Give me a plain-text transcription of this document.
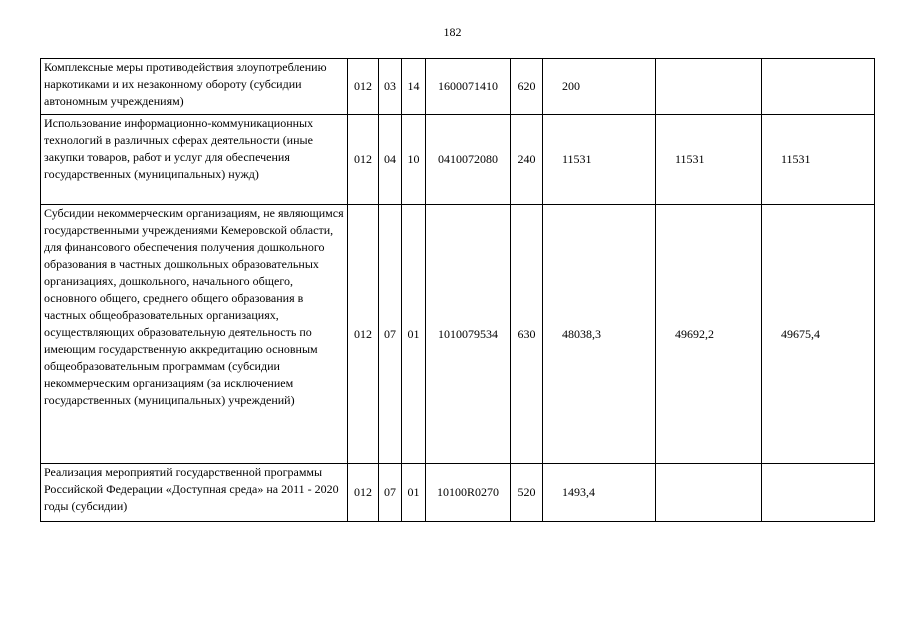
182
Комплексные меры противодействия злоупотреблению наркотиками и их незаконному обороту (субсидии автономным учреждениям)	012	03	14	1600071410	620	200		
Использование информационно-коммуникационных технологий в различных сферах деятельности (иные закупки товаров, работ и услуг для обеспечения государственных (муниципальных) нужд)	012	04	10	0410072080	240	11531	11531	11531
Субсидии некоммерческим организациям, не являющимся государственными учреждениями Кемеровской области, для финансового обеспечения получения дошкольного образования в частных дошкольных образовательных организациях, дошкольного, начального общего, основного общего, среднего общего образования в частных общеобразовательных организациях, осуществляющих образовательную деятельность по имеющим государственную аккредитацию основным общеобразовательным программам (субсидии некоммерческим организациям (за исключением государственных (муниципальных) учреждений)	012	07	01	1010079534	630	48038,3	49692,2	49675,4
Реализация мероприятий государственной программы Российской Федерации «Доступная среда» на 2011 - 2020 годы (субсидии)	012	07	01	10100R0270	520	1493,4		
